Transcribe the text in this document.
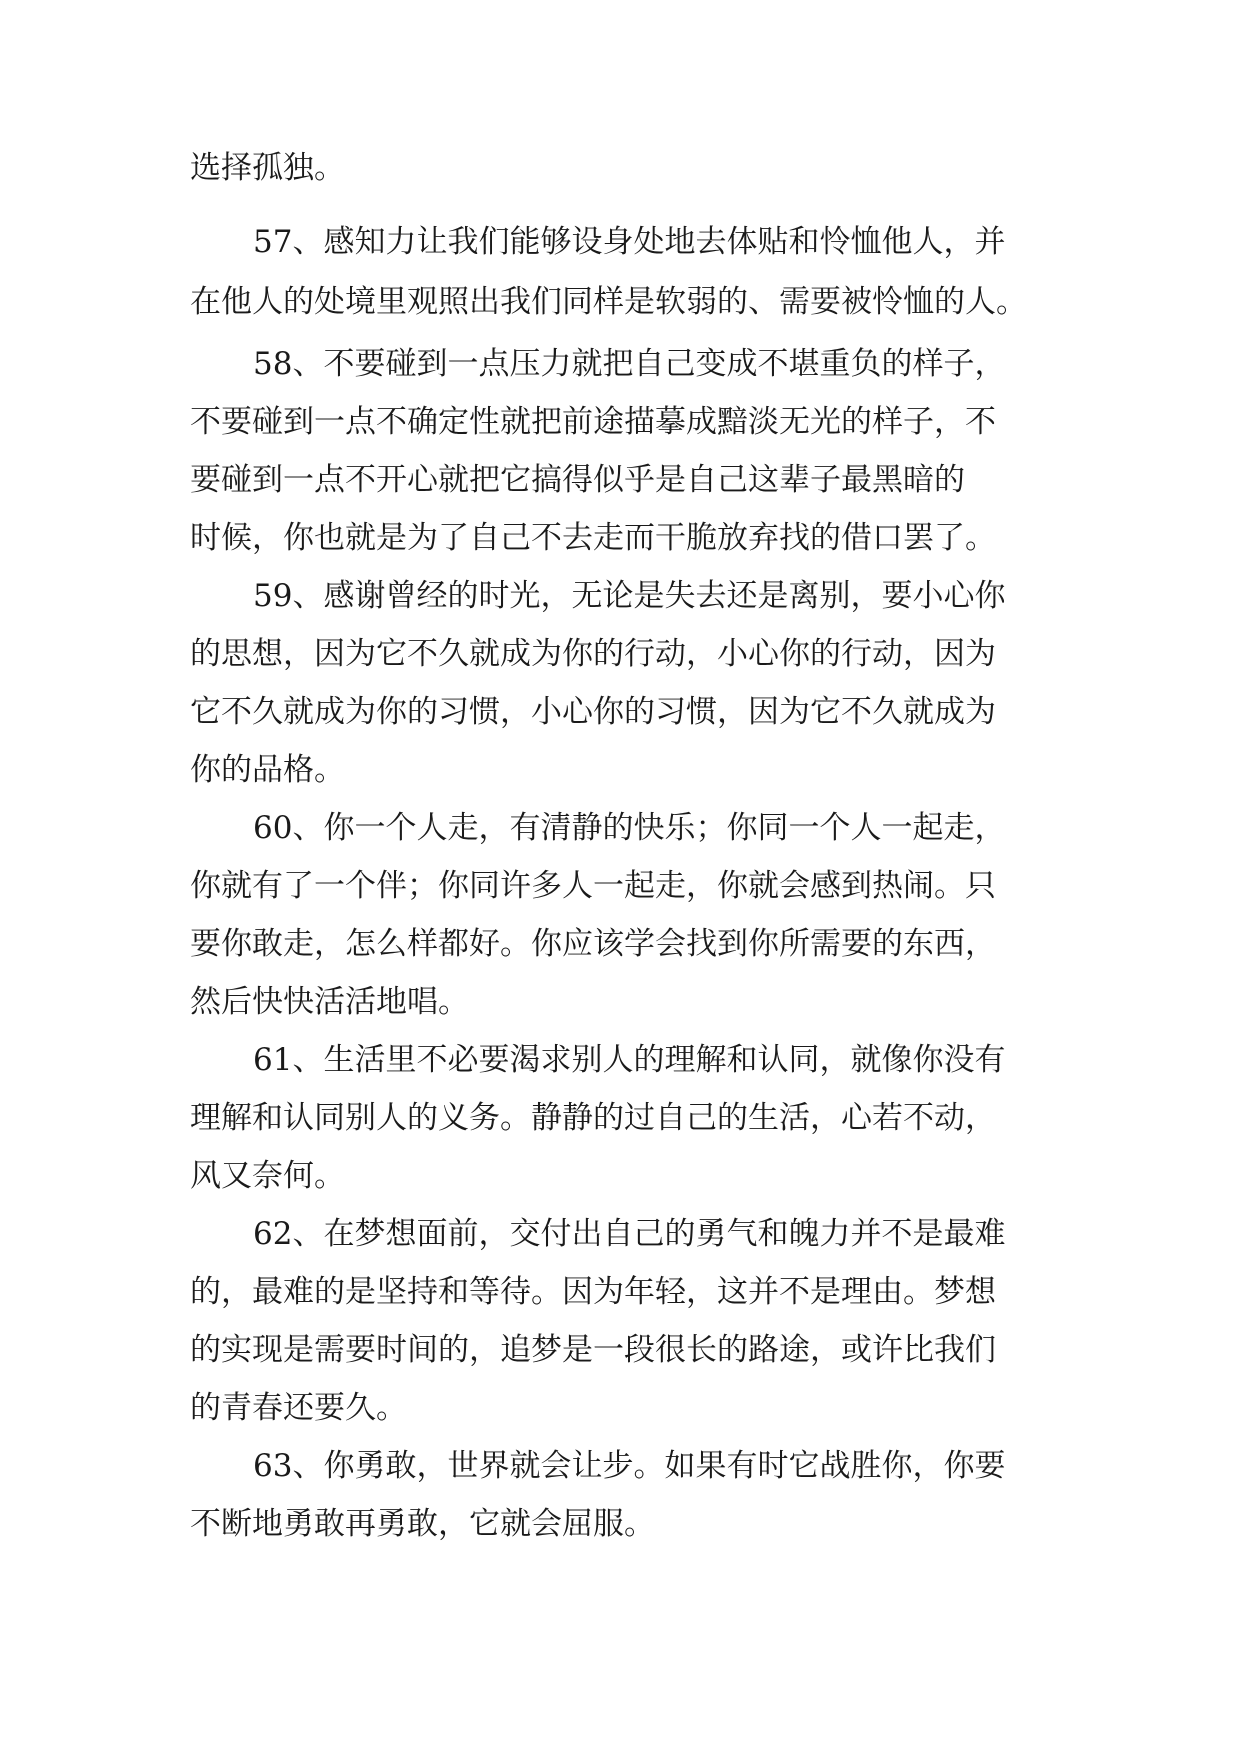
选择孤独。

57、感知力让我们能够设身处地去体贴和怜恤他人，并

在他人的处境里观照出我们同样是软弱的、需要被怜恤的人。

58、不要碰到一点压力就把自己变成不堪重负的样子，

不要碰到一点不确定性就把前途描摹成黯淡无光的样子，不

要碰到一点不开心就把它搞得似乎是自己这辈子最黑暗的

时候，你也就是为了自己不去走而干脆放弃找的借口罢了。

59、感谢曾经的时光，无论是失去还是离别，要小心你

的思想，因为它不久就成为你的行动，小心你的行动，因为

它不久就成为你的习惯，小心你的习惯，因为它不久就成为

你的品格。

60、你一个人走，有清静的快乐；你同一个人一起走，

你就有了一个伴；你同许多人一起走，你就会感到热闹。只

要你敢走，怎么样都好。你应该学会找到你所需要的东西，

然后快快活活地唱。

61、生活里不必要渴求别人的理解和认同，就像你没有

理解和认同别人的义务。静静的过自己的生活，心若不动，

风又奈何。

62、在梦想面前，交付出自己的勇气和魄力并不是最难

的，最难的是坚持和等待。因为年轻，这并不是理由。梦想

的实现是需要时间的，追梦是一段很长的路途，或许比我们

的青春还要久。

63、你勇敢，世界就会让步。如果有时它战胜你，你要

不断地勇敢再勇敢，它就会屈服。
